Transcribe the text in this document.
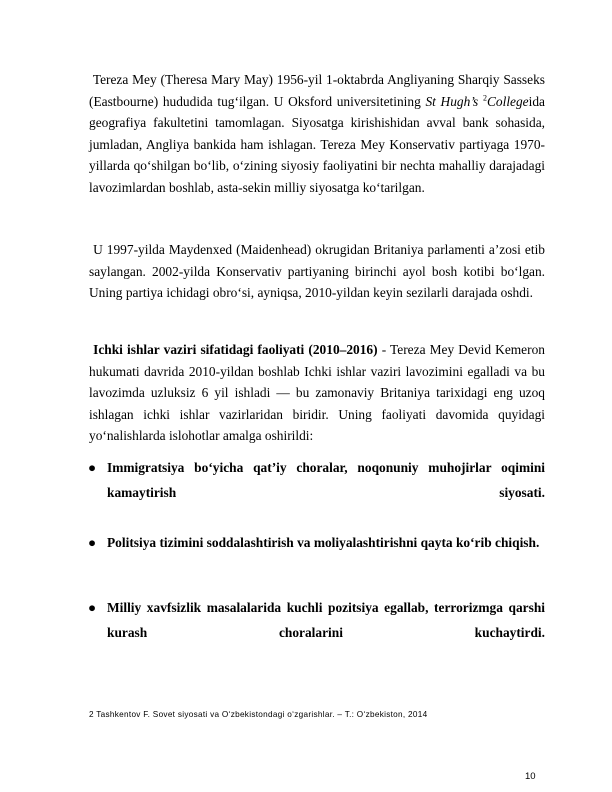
Tereza Mey (Theresa Mary May) 1956-yil 1-oktabrda Angliyaning Sharqiy Sasseks (Eastbourne) hududida tug‘ilgan. U Oksford universitetining St Hugh’s $^2$Collegeida geografiya fakultetini tamomlagan. Siyosatga kirishishidan avval bank sohasida, jumladan, Angliya bankida ham ishlagan. Tereza Mey Konservativ partiyaga 1970-yillarda qo‘shilgan bo‘lib, o‘zining siyosiy faoliyatini bir nechta mahalliy darajadagi lavozimlardan boshlab, asta-sekin milliy siyosatga ko‘tarilgan.

U 1997-yilda Maydenxed (Maidenhead) okrugidan Britaniya parlamenti a’zosi etib saylangan. 2002-yilda Konservativ partiyaning birinchi ayol bosh kotibi bo‘lgan. Uning partiya ichidagi obro‘si, ayniqsa, 2010-yildan keyin sezilarli darajada oshdi.

Ichki ishlar vaziri sifatidagi faoliyati (2010–2016) - Tereza Mey Devid Kemeron hukumati davrida 2010-yildan boshlab Ichki ishlar vaziri lavozimini egalladi va bu lavozimda uzluksiz 6 yil ishladi — bu zamonaviy Britaniya tarixidagi eng uzoq ishlagan ichki ishlar vazirlaridan biridir. Uning faoliyati davomida quyidagi yo‘nalishlarda islohotlar amalga oshirildi:

● Immigratsiya bo‘yicha qat’iy choralar, noqonuniy muhojirlar oqimini kamaytirish siyosati.
● Politsiya tizimini soddalashtirish va moliyalashtirishni qayta ko‘rib chiqish.
● Milliy xavfsizlik masalalarida kuchli pozitsiya egallab, terrorizmga qarshi kurash choralarini kuchaytirdi.
2 Tashkentov F. Sovet siyosati va O‘zbekistondagi o‘zgarishlar. – T.: O‘zbekiston, 2014
10
